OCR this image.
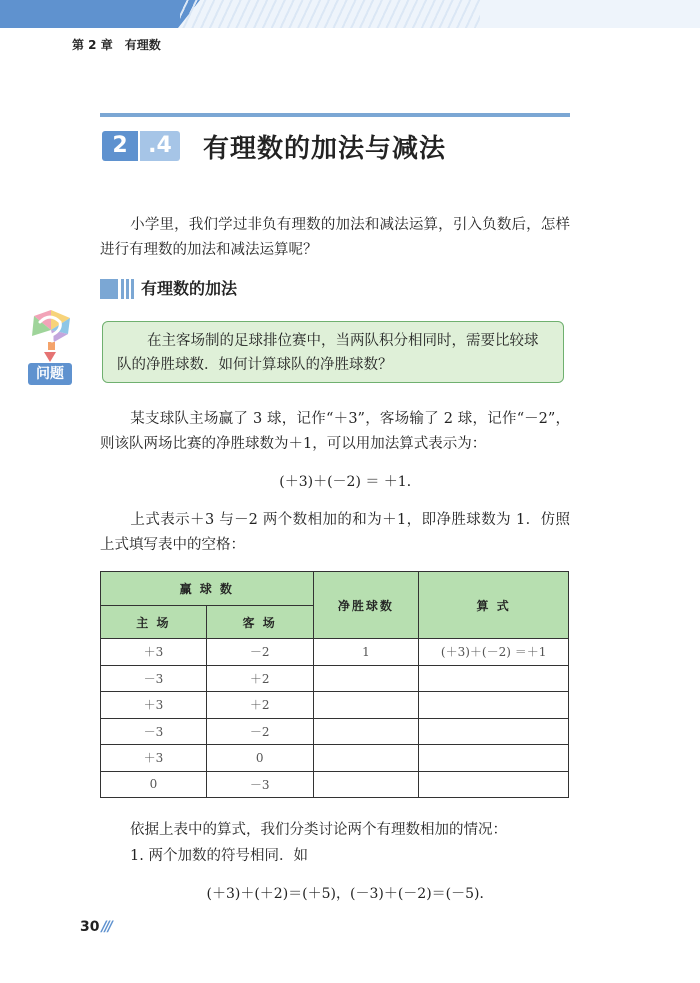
第 2 章 有理数
2 .4	有理数的加法与减法
小学里，我们学过非负有理数的加法和减法运算，引入负数后，怎样进行有理数的加法和减法运算呢？
有理数的加法
问题
在主客场制的足球排位赛中，当两队积分相同时，需要比较球队的净胜球数．如何计算球队的净胜球数？
某支球队主场赢了 3 球，记作“＋3”，客场输了 2 球，记作“－2”，则该队两场比赛的净胜球数为＋1，可以用加法算式表示为：
(＋3)＋(－2) ＝ ＋1．
上式表示＋3 与－2 两个数相加的和为＋1，即净胜球数为 1．仿照上式填写表中的空格：
赢 球 数		净胜球数	算 式
主 场	客 场		
＋3	－2	1	(＋3)＋(－2) ＝＋1
－3	＋2		
＋3	＋2		
－3	－2		
＋3	0		
0	－3		
依据上表中的算式，我们分类讨论两个有理数相加的情况：
1. 两个加数的符号相同．如
(＋3)＋(＋2)＝(＋5)，(－3)＋(－2)＝(－5)．
30 ///
